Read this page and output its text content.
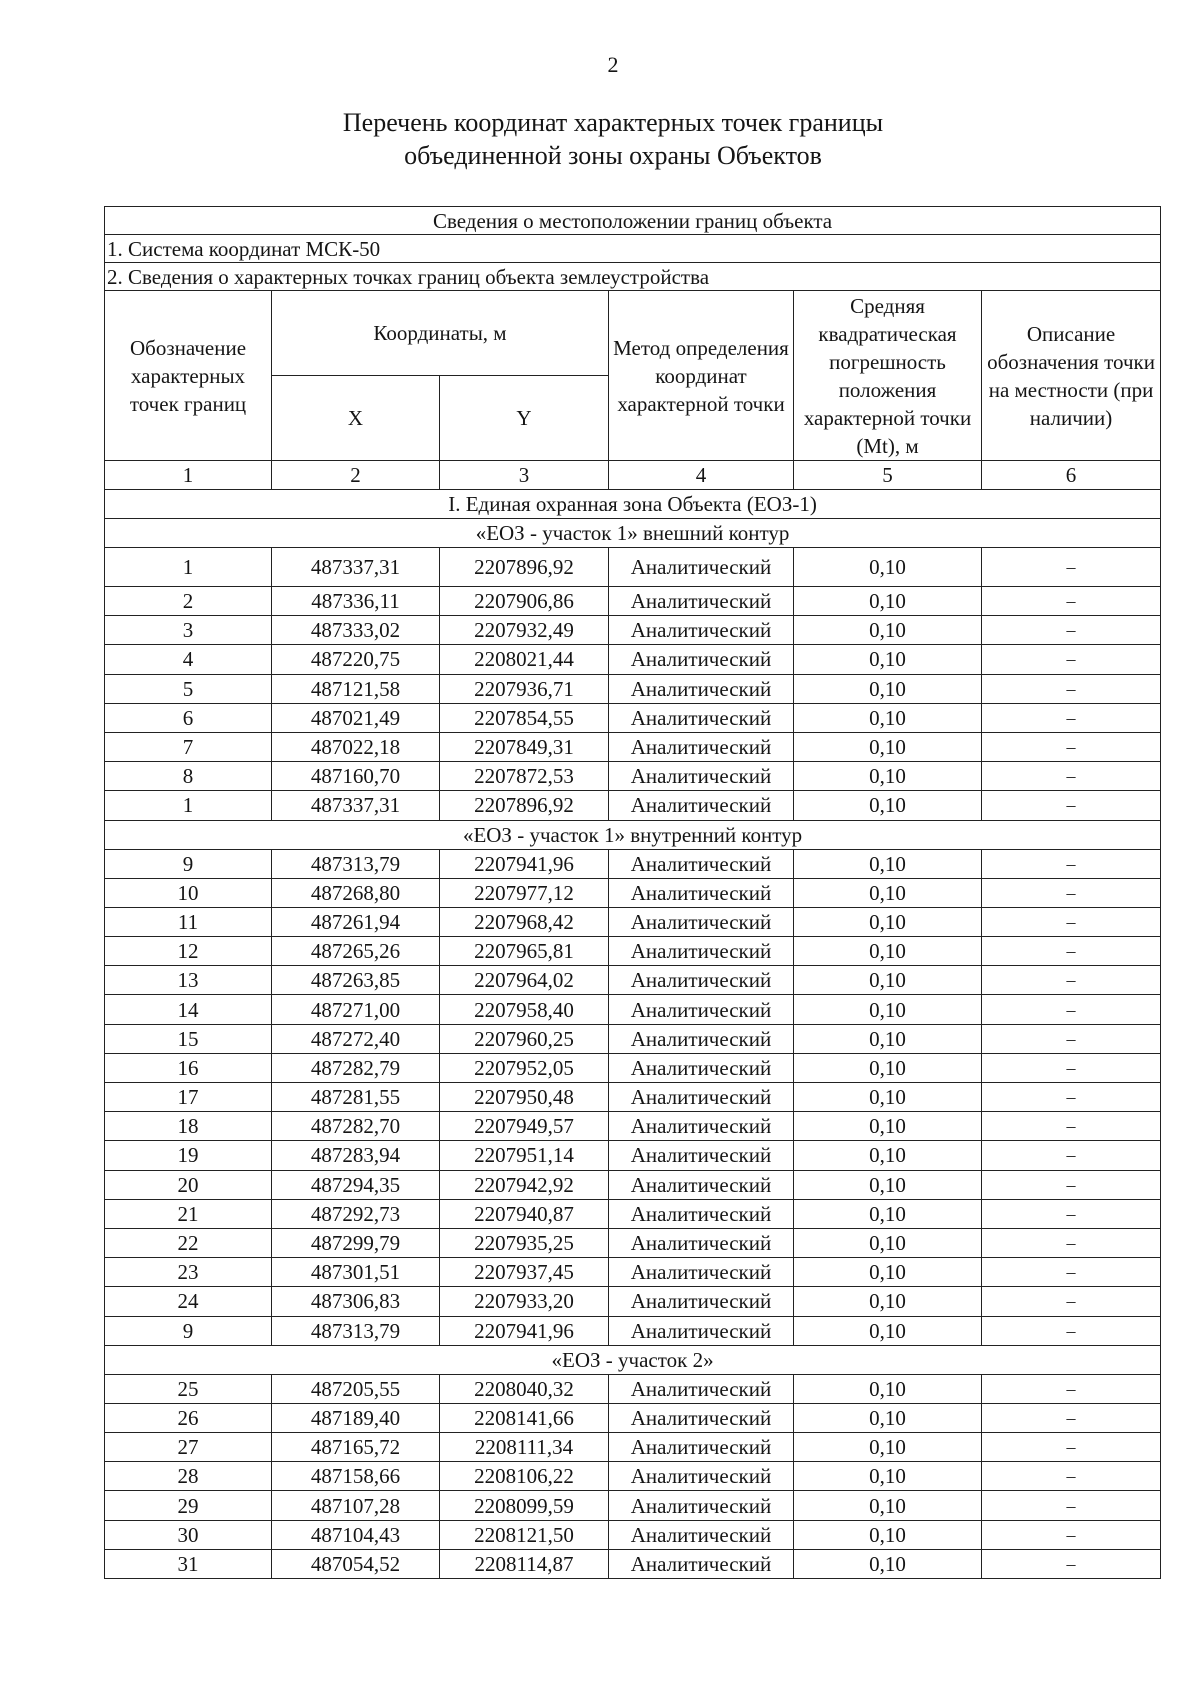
2
Перечень координат характерных точек границы
объединенной зоны охраны Объектов
Сведения о местоположении границ объекта					
1. Система координат МСК-50					
2. Сведения о характерных точках границ объекта землеустройства					
Обозначение характерных точек границ	Координаты, м		Метод определения координат характерной точки	Средняя квадратическая погрешность положения характерной точки (Mt), м	Описание обозначения точки на местности (при наличии)
	X	Y			
1	2	3	4	5	6
I. Единая охранная зона Объекта (ЕОЗ-1)					
«ЕОЗ - участок 1» внешний контур					
1	487337,31	2207896,92	Аналитический	0,10	–
2	487336,11	2207906,86	Аналитический	0,10	–
3	487333,02	2207932,49	Аналитический	0,10	–
4	487220,75	2208021,44	Аналитический	0,10	–
5	487121,58	2207936,71	Аналитический	0,10	–
6	487021,49	2207854,55	Аналитический	0,10	–
7	487022,18	2207849,31	Аналитический	0,10	–
8	487160,70	2207872,53	Аналитический	0,10	–
1	487337,31	2207896,92	Аналитический	0,10	–
«ЕОЗ - участок 1» внутренний контур					
9	487313,79	2207941,96	Аналитический	0,10	–
10	487268,80	2207977,12	Аналитический	0,10	–
11	487261,94	2207968,42	Аналитический	0,10	–
12	487265,26	2207965,81	Аналитический	0,10	–
13	487263,85	2207964,02	Аналитический	0,10	–
14	487271,00	2207958,40	Аналитический	0,10	–
15	487272,40	2207960,25	Аналитический	0,10	–
16	487282,79	2207952,05	Аналитический	0,10	–
17	487281,55	2207950,48	Аналитический	0,10	–
18	487282,70	2207949,57	Аналитический	0,10	–
19	487283,94	2207951,14	Аналитический	0,10	–
20	487294,35	2207942,92	Аналитический	0,10	–
21	487292,73	2207940,87	Аналитический	0,10	–
22	487299,79	2207935,25	Аналитический	0,10	–
23	487301,51	2207937,45	Аналитический	0,10	–
24	487306,83	2207933,20	Аналитический	0,10	–
9	487313,79	2207941,96	Аналитический	0,10	–
«ЕОЗ - участок 2»					
25	487205,55	2208040,32	Аналитический	0,10	–
26	487189,40	2208141,66	Аналитический	0,10	–
27	487165,72	2208111,34	Аналитический	0,10	–
28	487158,66	2208106,22	Аналитический	0,10	–
29	487107,28	2208099,59	Аналитический	0,10	–
30	487104,43	2208121,50	Аналитический	0,10	–
31	487054,52	2208114,87	Аналитический	0,10	–
